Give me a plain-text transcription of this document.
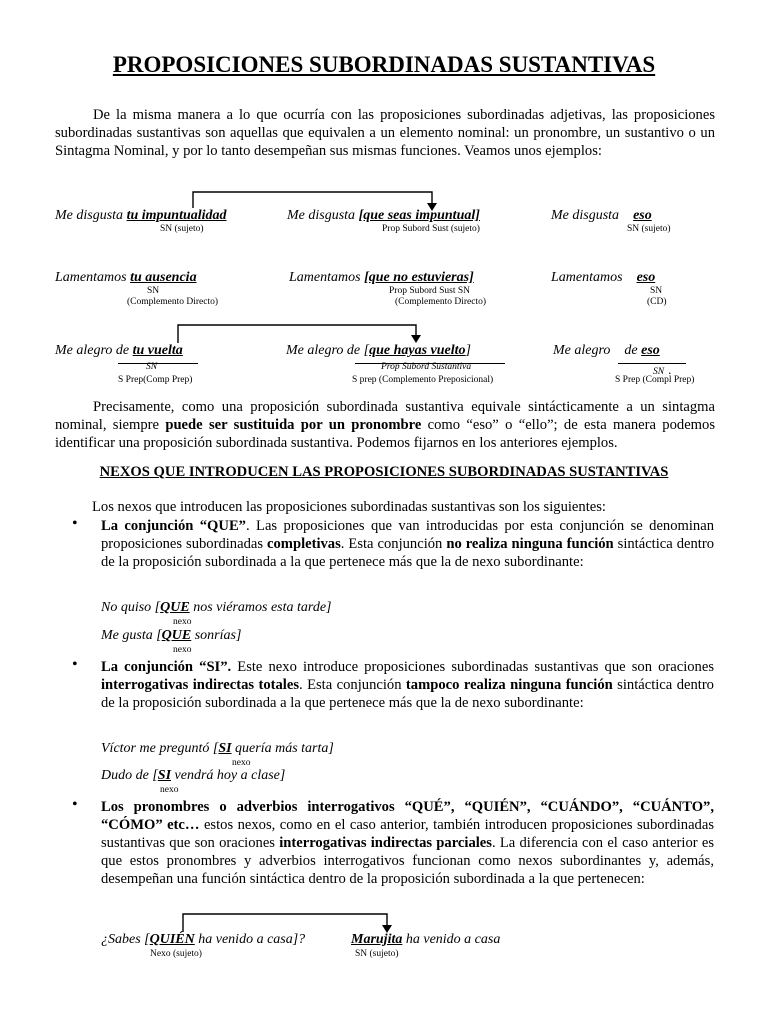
PROPOSICIONES SUBORDINADAS SUSTANTIVAS
De la misma manera a lo que ocurría con las proposiciones subordinadas adjetivas, las proposiciones subordinadas sustantivas son aquellas que equivalen a un elemento nominal: un pronombre, un sustantivo o un Sintagma Nominal, y por lo tanto desempeñan sus mismas funciones. Veamos unos ejemplos:
Me disgusta tu impuntualidad
SN (sujeto)
Me disgusta [que seas impuntual]
Prop Subord Sust (sujeto)
Me disgusta eso
SN (sujeto)
Lamentamos tu ausencia
SN
(Complemento Directo)
Lamentamos [que no estuvieras]
Prop Subord Sust SN
(Complemento Directo)
Lamentamos eso
SN
(CD)
Me alegro de tu vuelta
SN
S Prep(Comp Prep)
Me alegro de [que hayas vuelto]
Prop Subord Sustantiva
S prep (Complemento Preposicional)
Me alegro de eso
SN .
S Prep (Compl Prep)
Precisamente, como una proposición subordinada sustantiva equivale sintácticamente a un sintagma nominal, siempre puede ser sustituida por un pronombre como “eso” o “ello”; de esta manera podemos identificar una proposición subordinada sustantiva. Podemos fijarnos en los anteriores ejemplos.
NEXOS QUE INTRODUCEN LAS PROPOSICIONES SUBORDINADAS SUSTANTIVAS
Los nexos que introducen las proposiciones subordinadas sustantivas son los siguientes:
• La conjunción “QUE”. Las proposiciones que van introducidas por esta conjunción se denominan proposiciones subordinadas completivas. Esta conjunción no realiza ninguna función sintáctica dentro de la proposición subordinada a la que pertenece más que la de nexo subordinante:
No quiso [QUE nos viéramos esta tarde]
nexo
Me gusta [QUE sonrías]
nexo
• La conjunción “SI”. Este nexo introduce proposiciones subordinadas sustantivas que son oraciones interrogativas indirectas totales. Esta conjunción tampoco realiza ninguna función sintáctica dentro de la proposición subordinada a la que pertenece más que la de nexo subordinante:
Víctor me preguntó [SI quería más tarta]
nexo
Dudo de [SI vendrá hoy a clase]
nexo
• Los pronombres o adverbios interrogativos “QUÉ”, “QUIÉN”, “CUÁNDO”, “CUÁNTO”, “CÓMO” etc… estos nexos, como en el caso anterior, también introducen proposiciones subordinadas sustantivas que son oraciones interrogativas indirectas parciales. La diferencia con el caso anterior es que estos pronombres y adverbios interrogativos funcionan como nexos subordinantes y, además, desempeñan una función sintáctica dentro de la proposición subordinada a la que pertenecen:
¿Sabes [QUIÉN ha venido a casa]?
Nexo (sujeto)
Marujita ha venido a casa
SN (sujeto)
